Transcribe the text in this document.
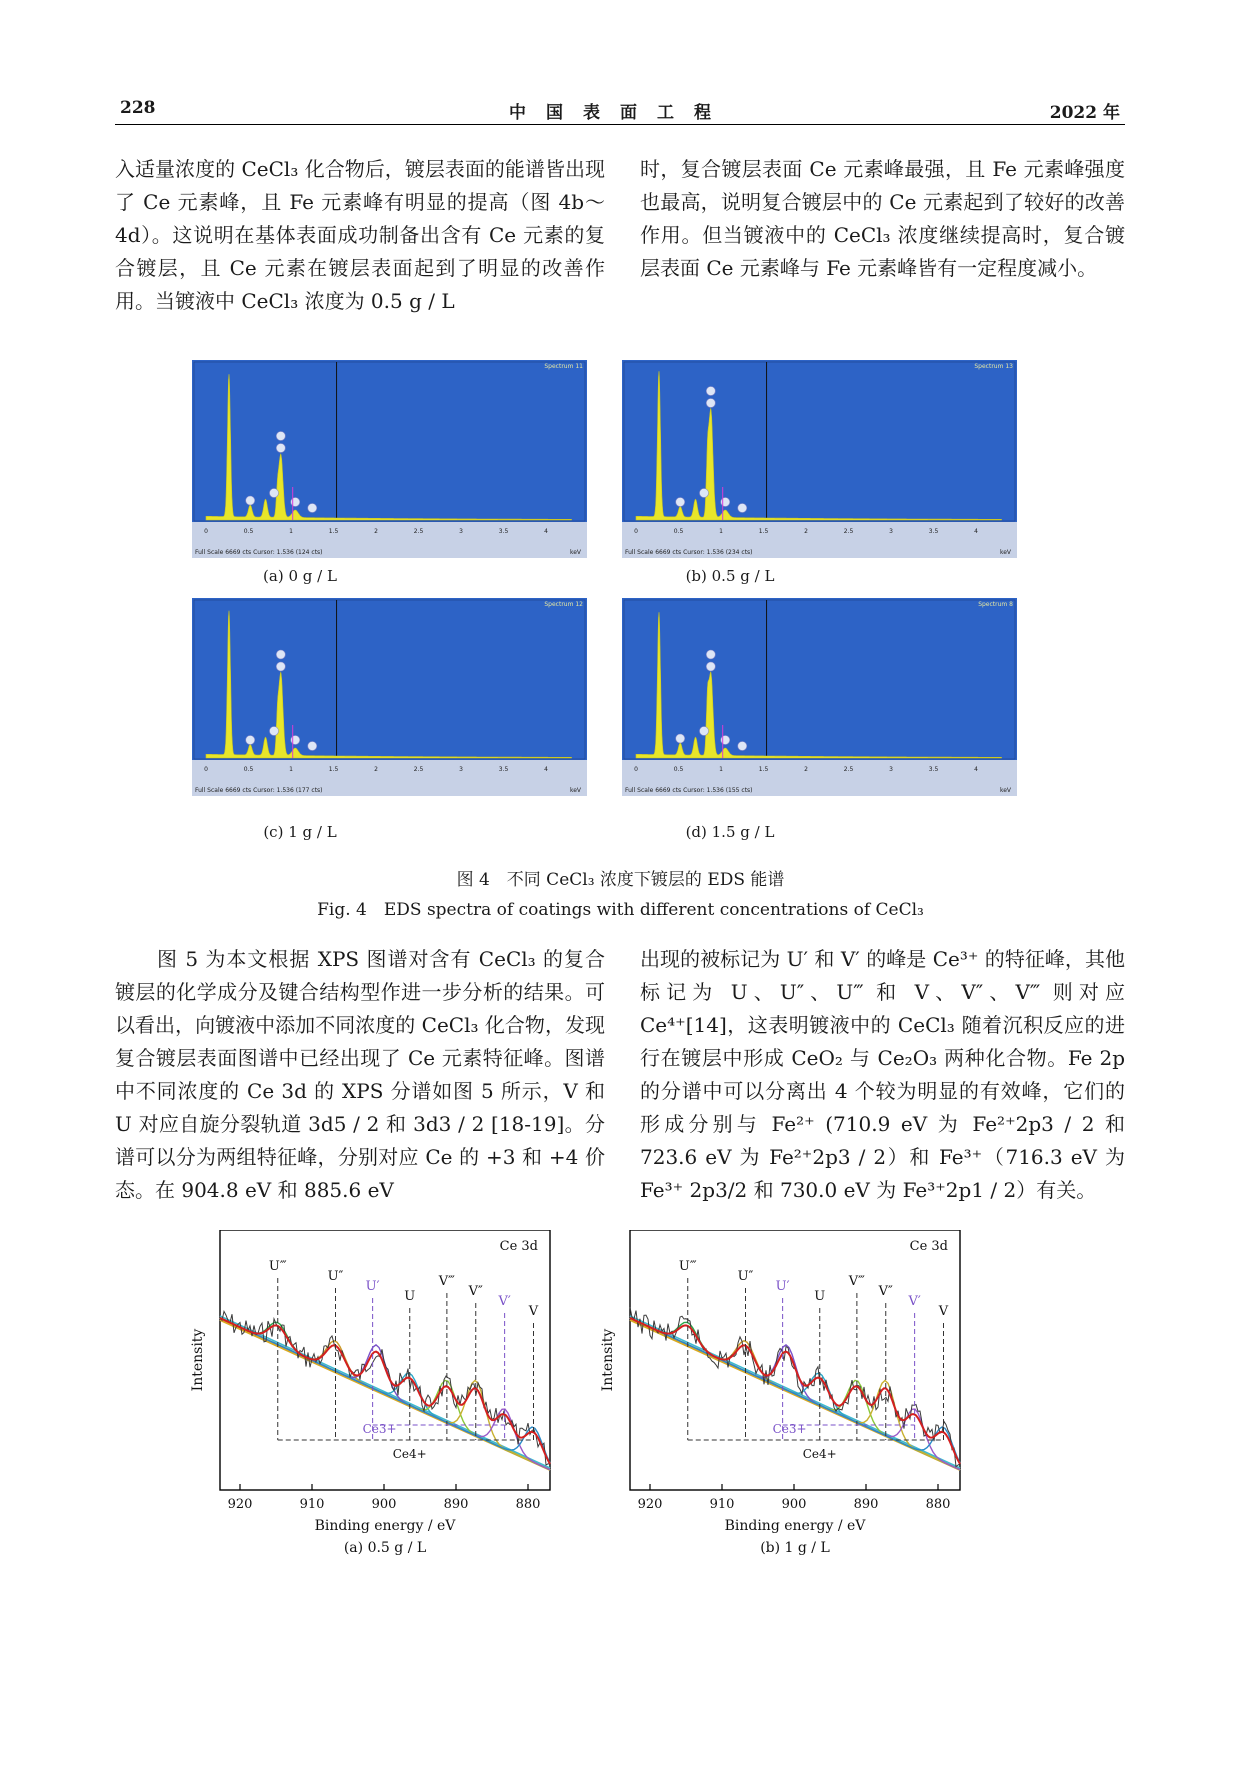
228	中国表面工程	2022 年

入适量浓度的 CeCl₃ 化合物后，镀层表面的能谱皆出现了 Ce 元素峰，且 Fe 元素峰有明显的提高（图 4b～4d）。这说明在基体表面成功制备出含有 Ce 元素的复合镀层，且 Ce 元素在镀层表面起到了明显的改善作用。当镀液中 CeCl₃ 浓度为 0.5 g / L

时，复合镀层表面 Ce 元素峰最强，且 Fe 元素峰强度也最高，说明复合镀层中的 Ce 元素起到了较好的改善作用。但当镀液中的 CeCl₃ 浓度继续提高时，复合镀层表面 Ce 元素峰与 Fe 元素峰皆有一定程度减小。

Spectrum 11
0	0.5	1	1.5	2	2.5	3	3.5	4
Full Scale 6669 cts Cursor: 1.536 (124 cts)	keV
(a) 0 g / L
Spectrum 13
0	0.5	1	1.5	2	2.5	3	3.5	4
Full Scale 6669 cts Cursor: 1.536 (234 cts)	keV
(b) 0.5 g / L
Spectrum 12
0	0.5	1	1.5	2	2.5	3	3.5	4
Full Scale 6669 cts Cursor: 1.536 (177 cts)	keV
(c) 1 g / L
Spectrum 8
0	0.5	1	1.5	2	2.5	3	3.5	4
Full Scale 6669 cts Cursor: 1.536 (155 cts)	keV
(d) 1.5 g / L
图 4　不同 CeCl₃ 浓度下镀层的 EDS 能谱
Fig. 4　EDS spectra of coatings with different concentrations of CeCl₃

图 5 为本文根据 XPS 图谱对含有 CeCl₃ 的复合镀层的化学成分及键合结构型作进一步分析的结果。可以看出，向镀液中添加不同浓度的 CeCl₃ 化合物，发现复合镀层表面图谱中已经出现了 Ce 元素特征峰。图谱中不同浓度的 Ce 3d 的 XPS 分谱如图 5 所示，V 和 U 对应自旋分裂轨道 3d5 / 2 和 3d3 / 2 [18-19]。分谱可以分为两组特征峰，分别对应 Ce 的 +3 和 +4 价态。在 904.8 eV 和 885.6 eV

出现的被标记为 U′ 和 V′ 的峰是 Ce³⁺ 的特征峰，其他标记为 U、U″、U‴ 和 V、V″、V‴ 则对应 Ce⁴⁺[14]，这表明镀液中的 CeCl₃ 随着沉积反应的进行在镀层中形成 CeO₂ 与 Ce₂O₃ 两种化合物。Fe 2p 的分谱中可以分离出 4 个较为明显的有效峰，它们的形成分别与 Fe²⁺ (710.9 eV 为 Fe²⁺2p3 / 2 和 723.6 eV 为 Fe²⁺2p3 / 2）和 Fe³⁺（716.3 eV 为 Fe³⁺ 2p3/2 和 730.0 eV 为 Fe³⁺2p1 / 2）有关。

U‴
U″
U′
U
V‴
V″
V′
V
Ce3+
Ce4+
Ce 3d
920	910	900	890	880
Binding energy / eV
Intensity
(a) 0.5 g / L
U‴
U″
U′
U
V‴
V″
V′
V
Ce3+
Ce4+
Ce 3d
920	910	900	890	880
Binding energy / eV
Intensity
(b) 1 g / L
